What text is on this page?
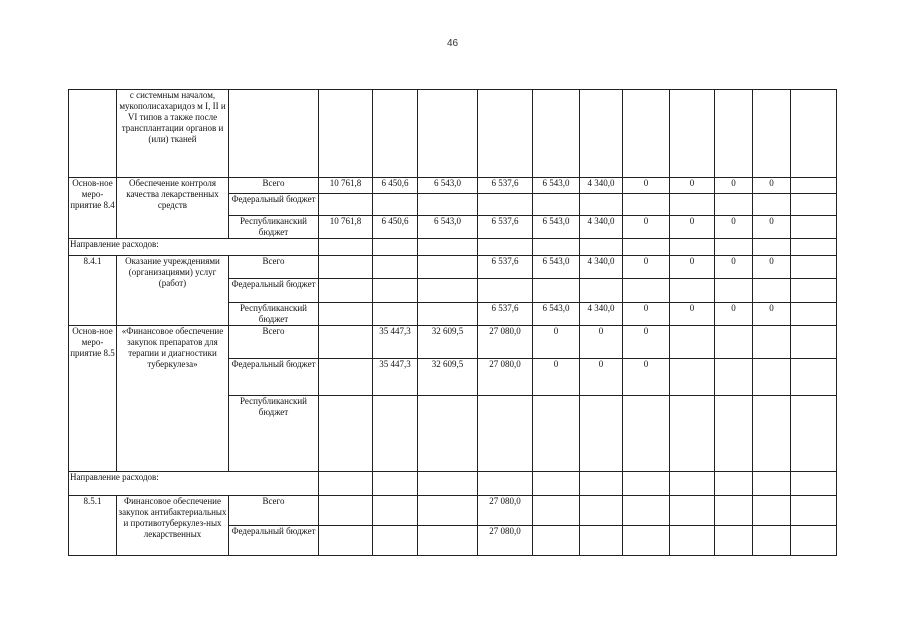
46
	с системным началом, мукополисахаридоз м I, II и VI типов а также после трансплантации органов и (или) тканей												
Основ-ное меро-приятие 8.4	Обеспечение контроля качества лекарственных средств	Всего	10 761,8	6 450,6	6 543,0	6 537,6	6 543,0	4 340,0	0	0	0	0	
		Федеральный бюджет											
		Республиканский бюджет	10 761,8	6 450,6	6 543,0	6 537,6	6 543,0	4 340,0	0	0	0	0	
Направление расходов:													
8.4.1	Оказание учреждениями (организациями) услуг (работ)	Всего				6 537,6	6 543,0	4 340,0	0	0	0	0	
		Федеральный бюджет											
		Республиканский бюджет				6 537,6	6 543,0	4 340,0	0	0	0	0	
Основ-ное меро-приятие 8.5	«Финансовое обеспечение закупок препаратов для терапии и диагностики туберкулеза»	Всего		35 447,3	32 609,5	27 080,0	0	0	0				
		Федеральный бюджет		35 447,3	32 609,5	27 080,0	0	0	0				
		Республиканский бюджет											
Направление расходов:													
8.5.1	Финансовое обеспечение закупок антибактериальных и противотуберкулез-ных лекарственных	Всего				27 080,0							
		Федеральный бюджет				27 080,0							
